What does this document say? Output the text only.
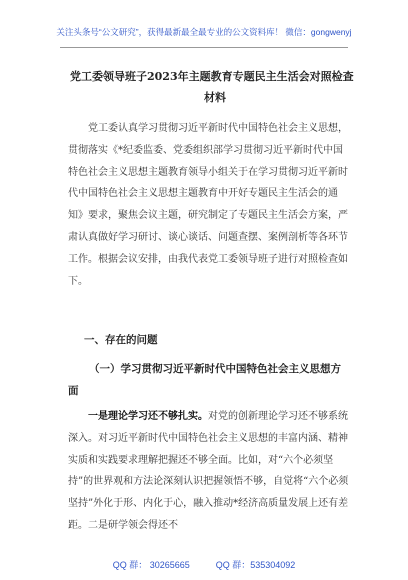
关注头条号“公文研究”，获得最新最全最专业的公文资料库！ 微信：gongwenyj
党工委领导班子2023年主题教育专题民主生活会对照检查
材料
党工委认真学习贯彻习近平新时代中国特色社会主义思想，贯彻落实《*纪委监委、党委组织部学习贯彻习近平新时代中国特色社会主义思想主题教育领导小组关于在学习贯彻习近平新时代中国特色社会主义思想主题教育中开好专题民主生活会的通知》要求，聚焦会议主题，研究制定了专题民主生活会方案，严肃认真做好学习研讨、谈心谈话、问题查摆、案例剖析等各环节工作。根据会议安排，由我代表党工委领导班子进行对照检查如下。
一、存在的问题
（一）学习贯彻习近平新时代中国特色社会主义思想方面
一是理论学习还不够扎实。对党的创新理论学习还不够系统深入。对习近平新时代中国特色社会主义思想的丰富内涵、精神实质和实践要求理解把握还不够全面。比如，对“六个必须坚持”的世界观和方法论深刻认识把握领悟不够，自觉将“六个必须坚持”外化于形、内化于心，融入推动*经济高质量发展上还有差距。二是研学领会得还不
QQ 群： 30265665	QQ 群：535304092
